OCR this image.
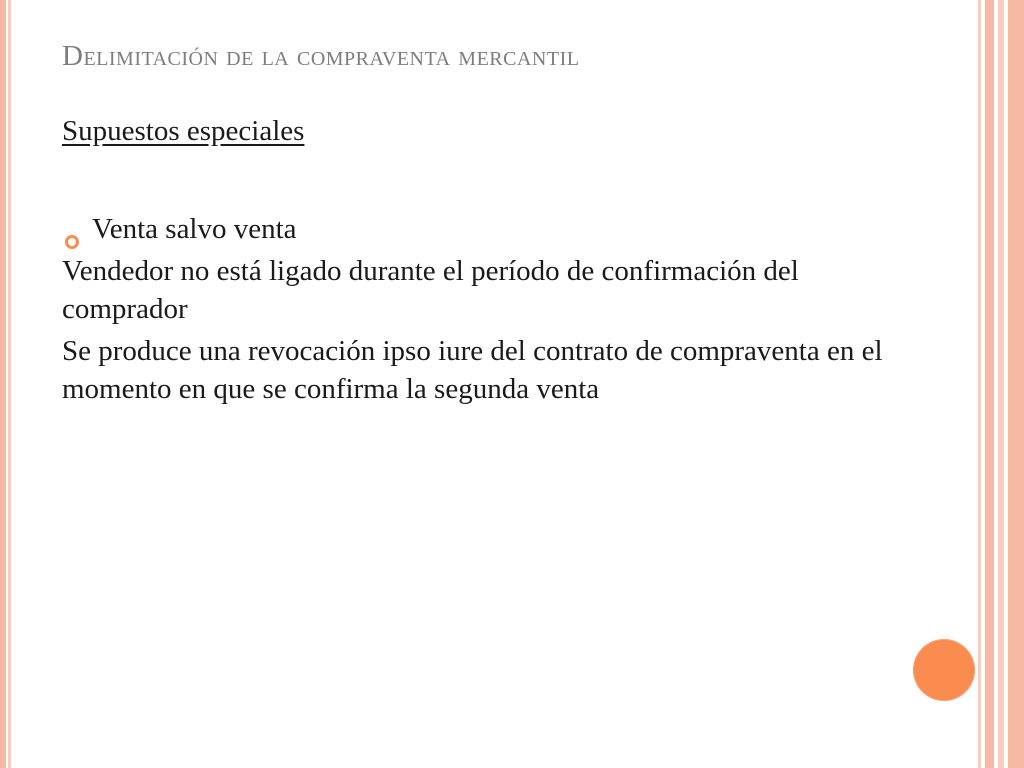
Delimitación de la compraventa mercantil

Supuestos especiales

Venta salvo venta

Vendedor no está ligado durante el período de confirmación del comprador

Se produce una revocación ipso iure del contrato de compraventa en el momento en que se confirma la segunda venta
